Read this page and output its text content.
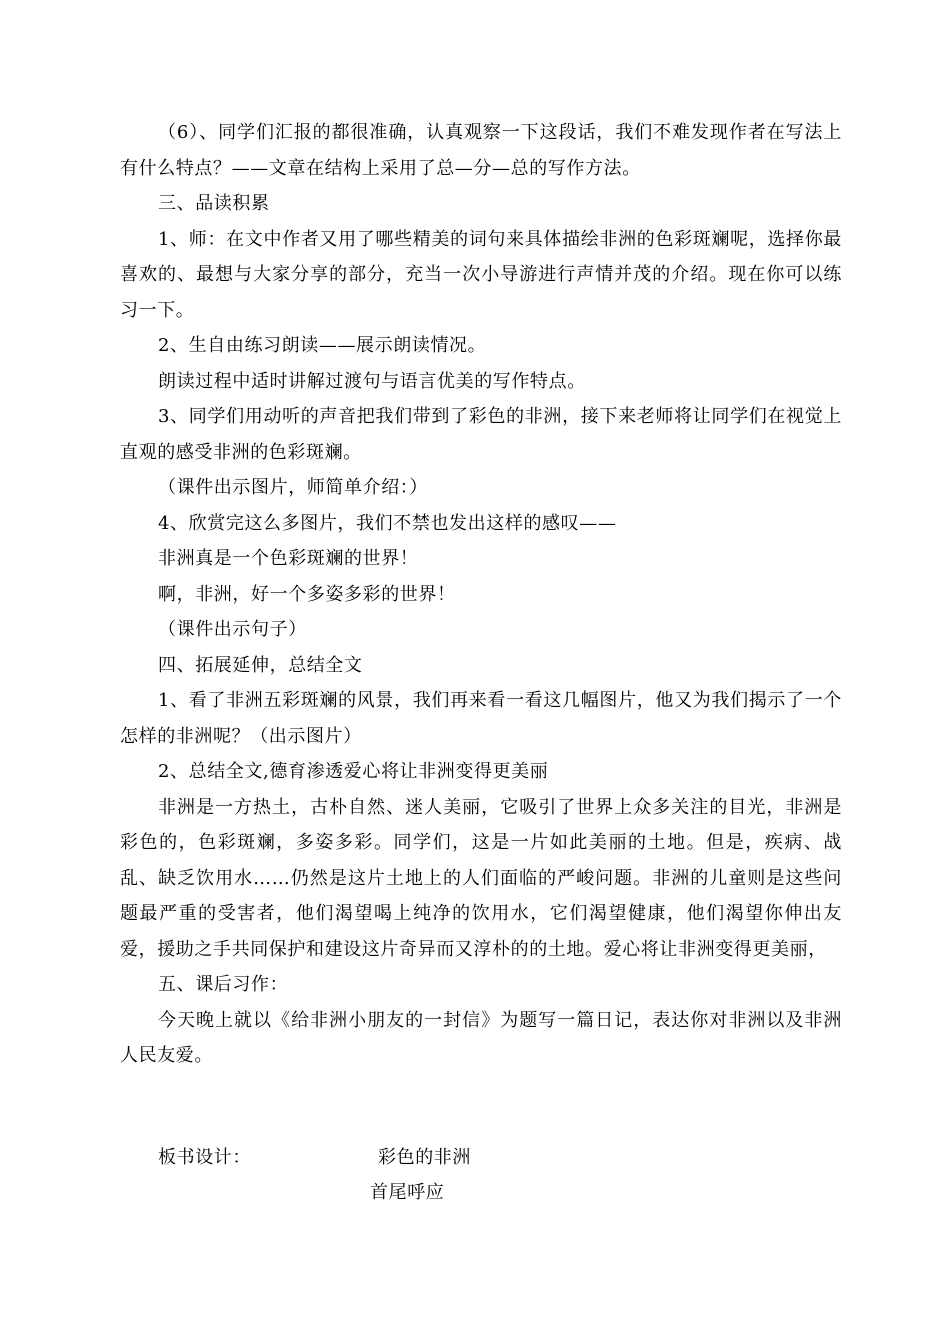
（6）、同学们汇报的都很准确，认真观察一下这段话，我们不难发现作者在写法上有什么特点？——文章在结构上采用了总—分—总的写作方法。

三、品读积累

1、师：在文中作者又用了哪些精美的词句来具体描绘非洲的色彩斑斓呢，选择你最喜欢的、最想与大家分享的部分，充当一次小导游进行声情并茂的介绍。现在你可以练习一下。

2、生自由练习朗读——展示朗读情况。

朗读过程中适时讲解过渡句与语言优美的写作特点。

3、同学们用动听的声音把我们带到了彩色的非洲，接下来老师将让同学们在视觉上直观的感受非洲的色彩斑斓。

（课件出示图片，师简单介绍：）

4、欣赏完这么多图片，我们不禁也发出这样的感叹——

非洲真是一个色彩斑斓的世界！

啊，非洲，好一个多姿多彩的世界！

（课件出示句子）

四、拓展延伸，总结全文

1、看了非洲五彩斑斓的风景，我们再来看一看这几幅图片，他又为我们揭示了一个怎样的非洲呢？（出示图片）

2、总结全文,德育渗透爱心将让非洲变得更美丽

非洲是一方热土，古朴自然、迷人美丽，它吸引了世界上众多关注的目光，非洲是彩色的，色彩斑斓，多姿多彩。同学们，这是一片如此美丽的土地。但是，疾病、战乱、缺乏饮用水……仍然是这片土地上的人们面临的严峻问题。非洲的儿童则是这些问题最严重的受害者，他们渴望喝上纯净的饮用水，它们渴望健康，他们渴望你伸出友爱，援助之手共同保护和建设这片奇异而又淳朴的的土地。爱心将让非洲变得更美丽，

五、课后习作：

今天晚上就以《给非洲小朋友的一封信》为题写一篇日记，表达你对非洲以及非洲人民友爱。

板书设计：	彩色的非洲
首尾呼应
